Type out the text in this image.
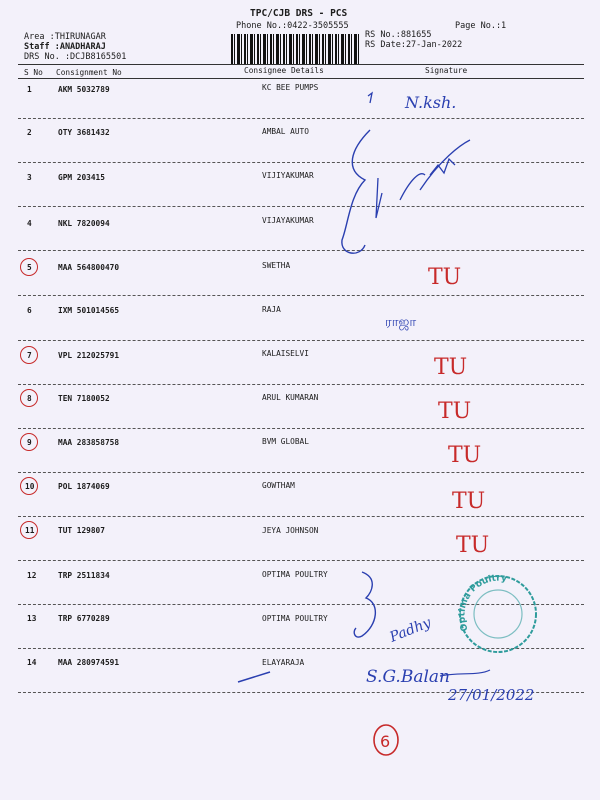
TPC/CJB DRS - PCS
Phone No.:0422-3505555	Page No.:1
Area :THIRUNAGAR
Staff :ANADHARAJ
DRS No. :DCJB8165501
RS No.:881655
RS Date:27-Jan-2022
S No Consignment No	Consignee Details	Signature
1	AKM 5032789	KC BEE PUMPS
2	OTY 3681432	AMBAL AUTO
3	GPM 203415	VIJIYAKUMAR
4	NKL 7820094	VIJAYAKUMAR
5	MAA 564800470	SWETHA
6	IXM 501014565	RAJA
7	VPL 212025791	KALAISELVI
8	TEN 7180052	ARUL KUMARAN
9	MAA 283858758	BVM GLOBAL
10	POL 1874069	GOWTHAM
11	TUT 129807	JEYA JOHNSON
12	TRP 2511834	OPTIMA POULTRY
13	TRP 6770289	OPTIMA POULTRY
14	MAA 280974591	ELAYARAJA
N.ksh.
TU
TU
TU
TU
TU
TU
ராஜா
Padhy
S.G.Balan
27/01/2022
6
Optima Poultry
